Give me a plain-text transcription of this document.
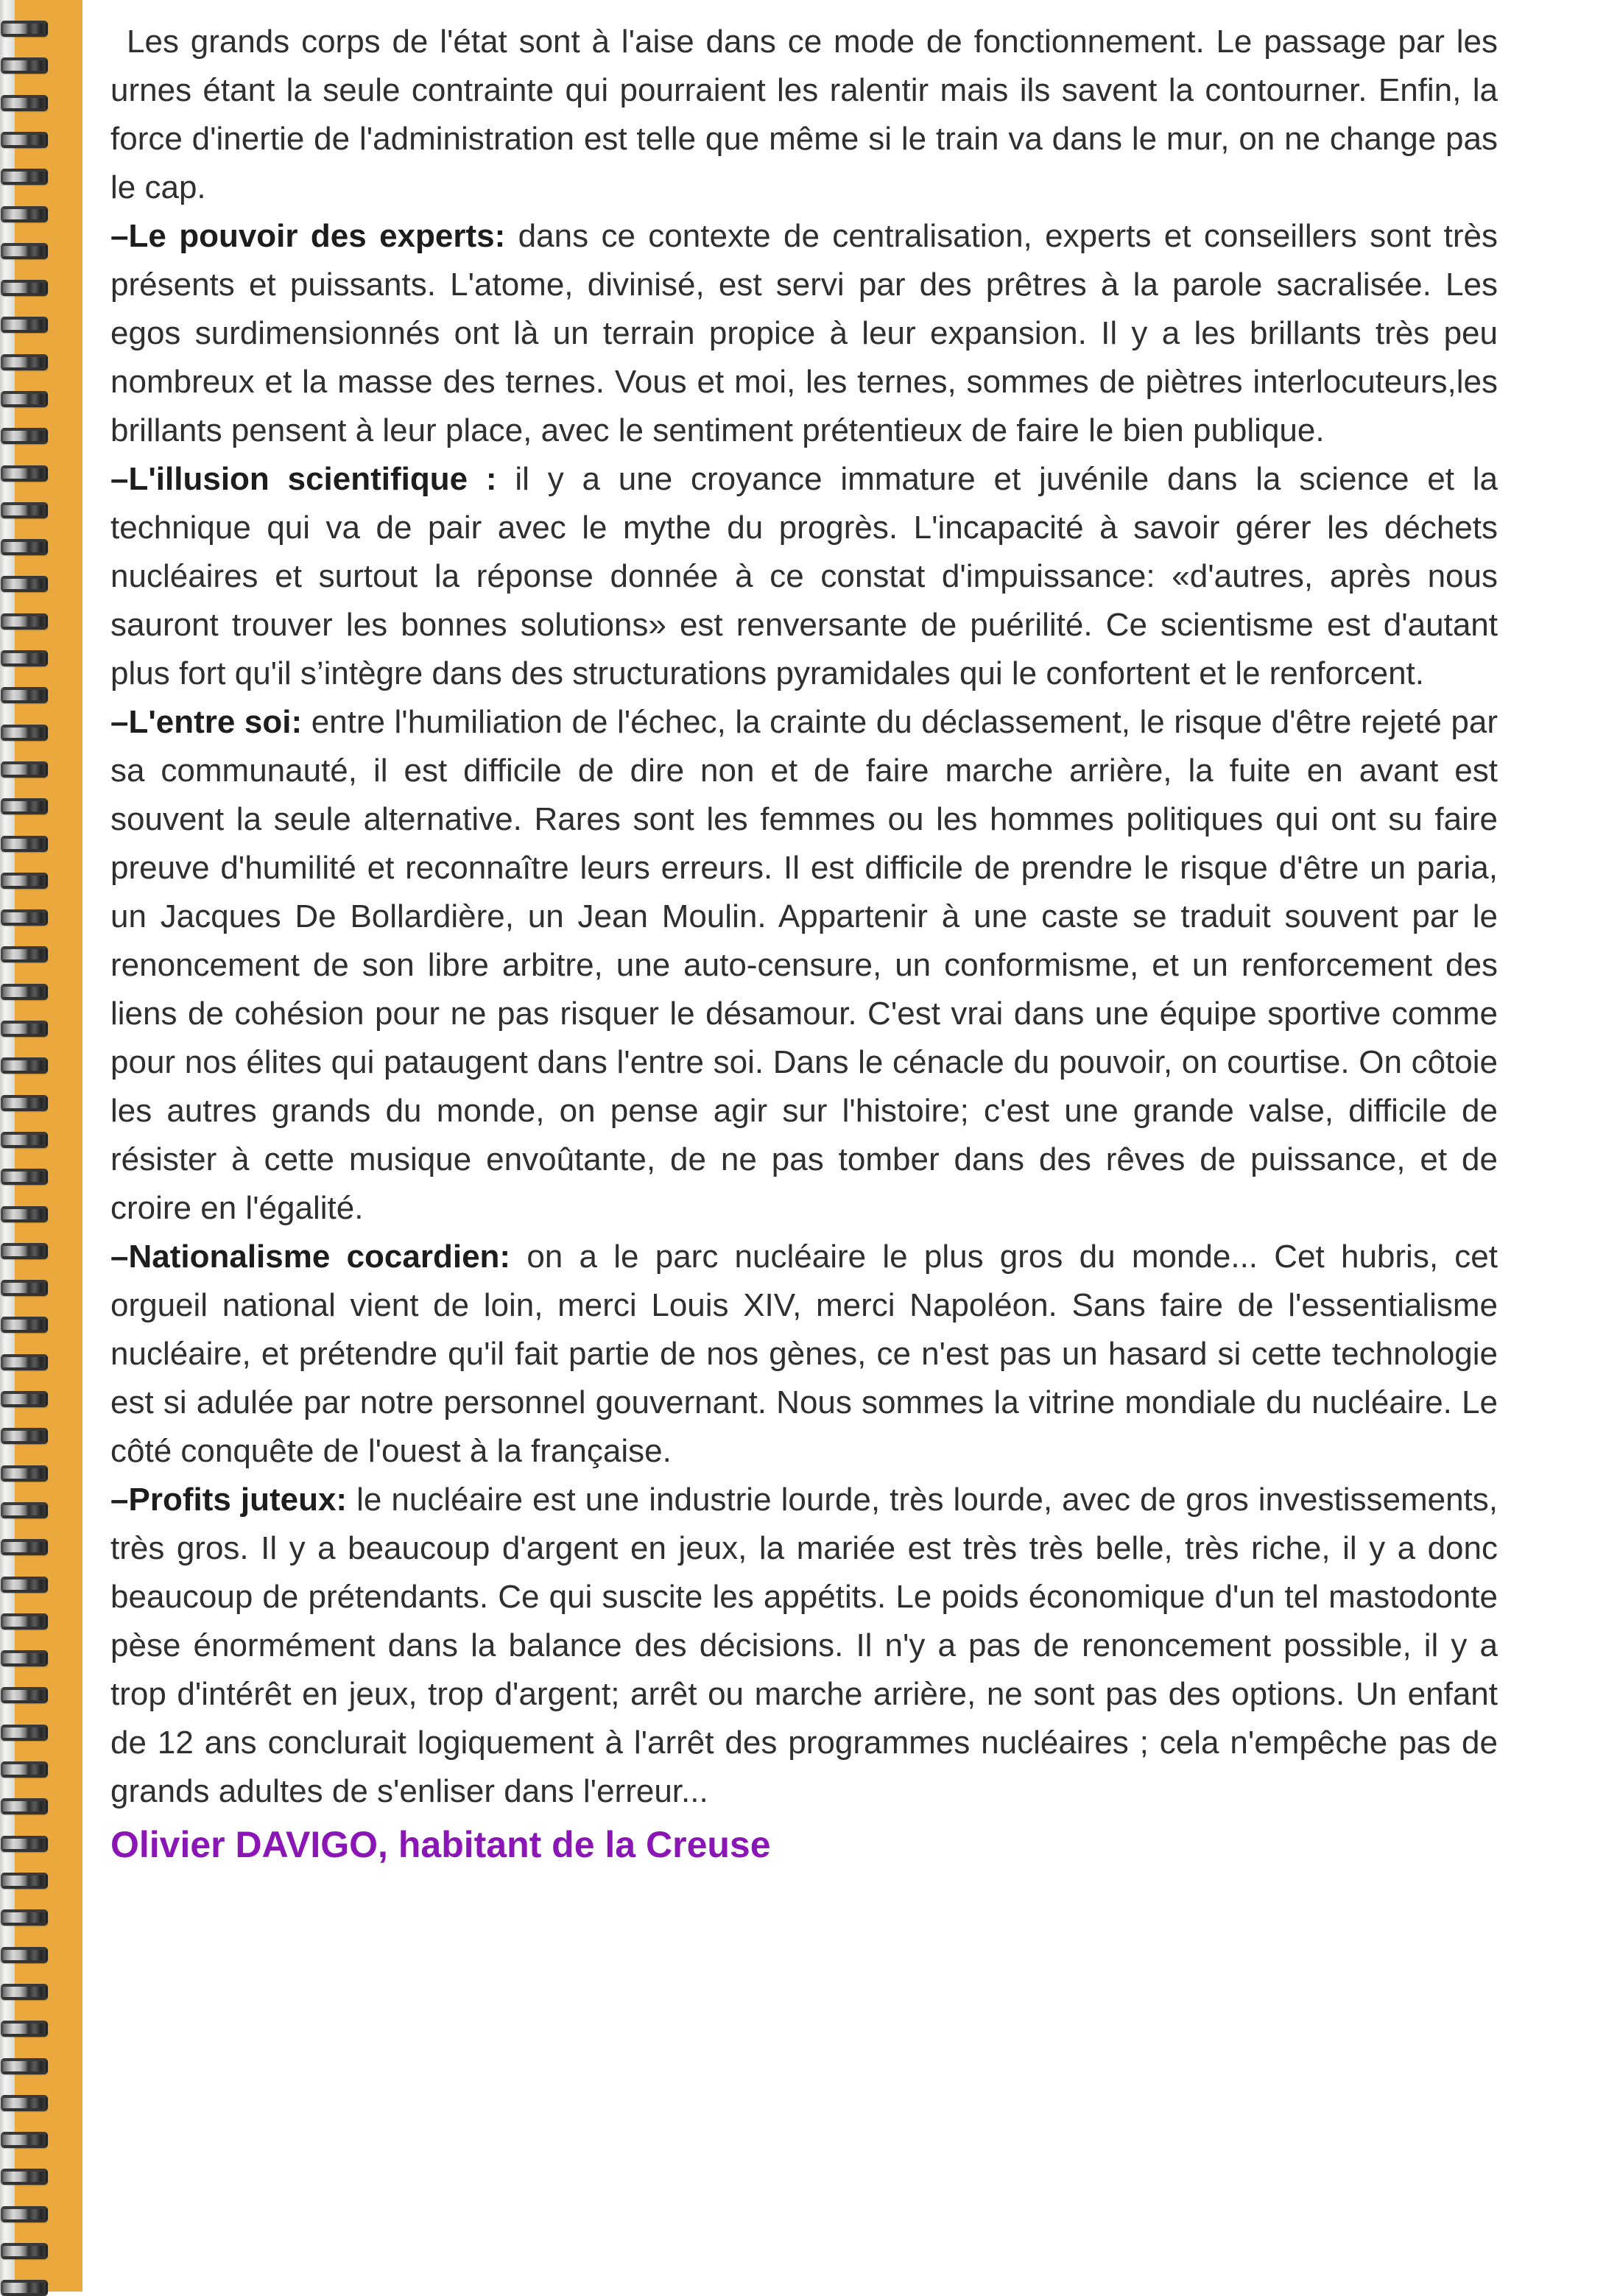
Les grands corps de l'état sont à l'aise dans ce mode de fonctionnement. Le passage par les urnes étant la seule contrainte qui pourraient les ralentir mais ils savent la contourner. Enfin, la force d'inertie de l'administration est telle que même si le train va dans le mur, on ne change pas le cap.

–Le pouvoir des experts: dans ce contexte de centralisation, experts et conseillers sont très présents et puissants. L'atome, divinisé, est servi par des prêtres à la parole sacralisée. Les egos surdimensionnés ont là un terrain propice à leur expansion. Il y a les brillants très peu nombreux et la masse des ternes. Vous et moi, les ternes, sommes de piètres interlocuteurs,les brillants pensent à leur place, avec le sentiment prétentieux de faire le bien publique.

–L'illusion scientifique : il y a une croyance immature et juvénile dans la science et la technique qui va de pair avec le mythe du progrès. L'incapacité à savoir gérer les déchets nucléaires et surtout la réponse donnée à ce constat d'impuissance: «d'autres, après nous sauront trouver les bonnes solutions» est renversante de puérilité. Ce scientisme est d'autant plus fort qu'il s’intègre dans des structurations pyramidales qui le confortent et le renforcent.

–L'entre soi: entre l'humiliation de l'échec, la crainte du déclassement, le risque d'être rejeté par sa communauté, il est difficile de dire non et de faire marche arrière, la fuite en avant est souvent la seule alternative. Rares sont les femmes ou les hommes politiques qui ont su faire preuve d'humilité et reconnaître leurs erreurs. Il est difficile de prendre le risque d'être un paria, un Jacques De Bollardière, un Jean Moulin. Appartenir à une caste se traduit souvent par le renoncement de son libre arbitre, une auto-censure, un conformisme, et un renforcement des liens de cohésion pour ne pas risquer le désamour. C'est vrai dans une équipe sportive comme pour nos élites qui pataugent dans l'entre soi. Dans le cénacle du pouvoir, on courtise. On côtoie les autres grands du monde, on pense agir sur l'histoire; c'est une grande valse, difficile de résister à cette musique envoûtante, de ne pas tomber dans des rêves de puissance, et de croire en l'égalité.

–Nationalisme cocardien: on a le parc nucléaire le plus gros du monde... Cet hubris, cet orgueil national vient de loin, merci Louis XIV, merci Napoléon. Sans faire de l'essentialisme nucléaire, et prétendre qu'il fait partie de nos gènes, ce n'est pas un hasard si cette technologie est si adulée par notre personnel gouvernant. Nous sommes la vitrine mondiale du nucléaire. Le côté conquête de l'ouest à la française.

–Profits juteux: le nucléaire est une industrie lourde, très lourde, avec de gros investissements, très gros. Il y a beaucoup d'argent en jeux, la mariée est très très belle, très riche, il y a donc beaucoup de prétendants. Ce qui suscite les appétits. Le poids économique d'un tel mastodonte pèse énormément dans la balance des décisions. Il n'y a pas de renoncement possible, il y a trop d'intérêt en jeux, trop d'argent; arrêt ou marche arrière, ne sont pas des options. Un enfant de 12 ans conclurait logiquement à l'arrêt des programmes nucléaires ; cela n'empêche pas de grands adultes de s'enliser dans l'erreur...

Olivier DAVIGO, habitant de la Creuse
